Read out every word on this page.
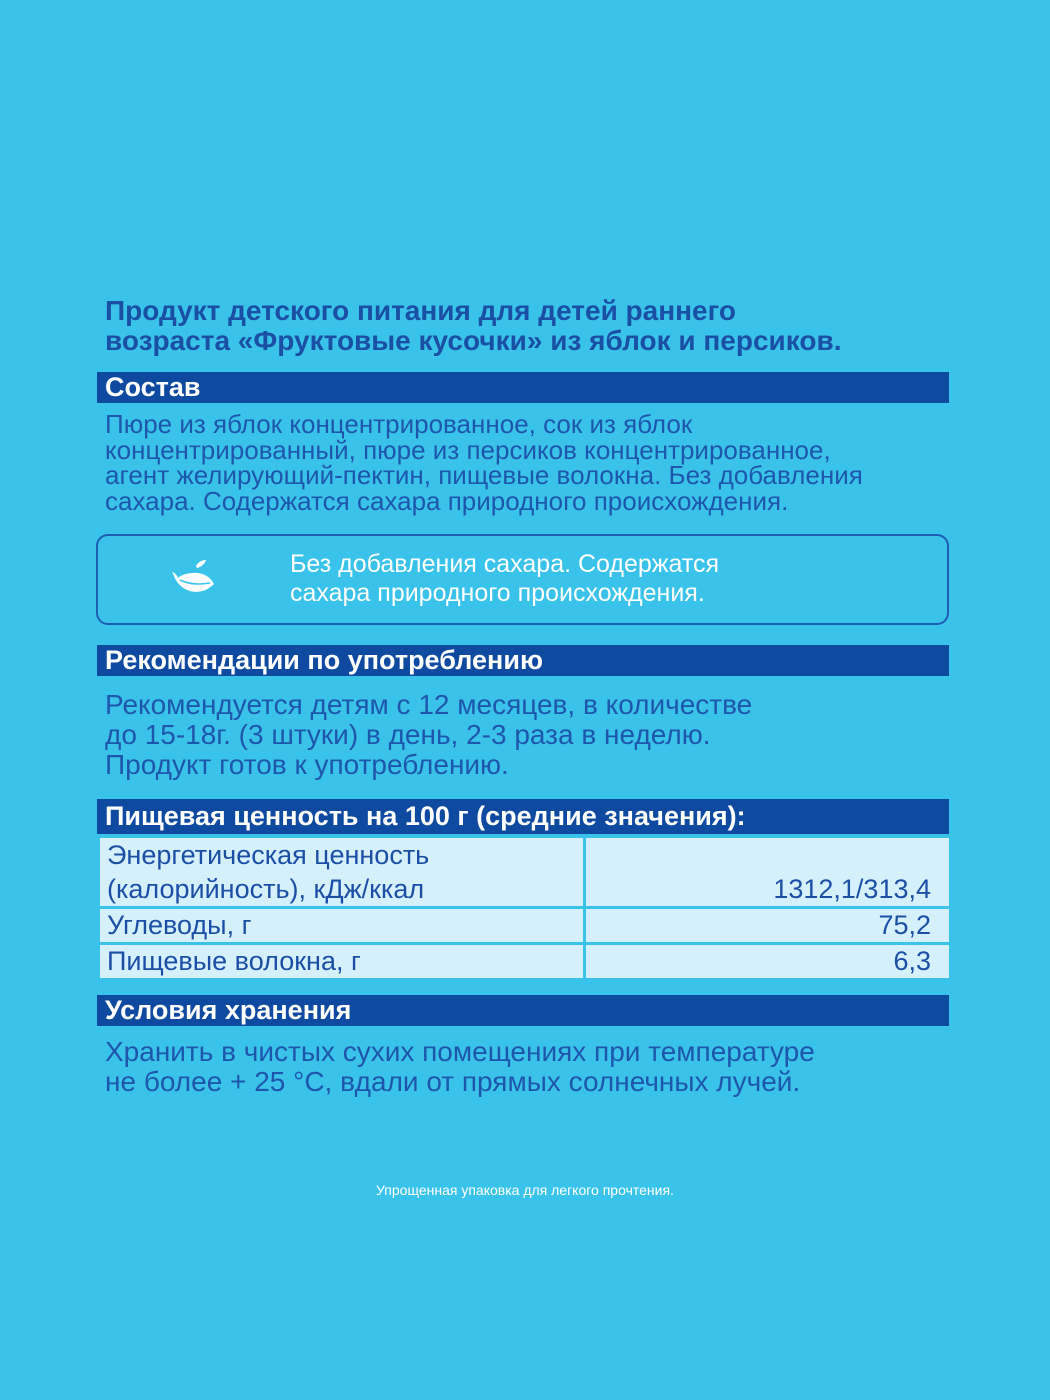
Продукт детского питания для детей раннего
возраста «Фруктовые кусочки» из яблок и персиков.
Состав

Пюре из яблок концентрированное, сок из яблок
концентрированный, пюре из персиков концентрированное,
агент желирующий-пектин, пищевые волокна. Без добавления
сахара. Содержатся сахара природного происхождения.

Без добавления сахара. Содержатся
сахара природного происхождения.
Рекомендации по употреблению

Рекомендуется детям с 12 месяцев, в количестве
до 15-18г. (3 штуки) в день, 2-3 раза в неделю.
Продукт готов к употреблению.

Пищевая ценность на 100 г (средние значения):
Энергетическая ценность
(калорийность), кДж/ккал	1312,1/313,4
Углеводы, г	75,2
Пищевые волокна, г	6,3
Условия хранения

Хранить в чистых сухих помещениях при температуре
не более + 25 °С, вдали от прямых солнечных лучей.

Упрощенная упаковка для легкого прочтения.
